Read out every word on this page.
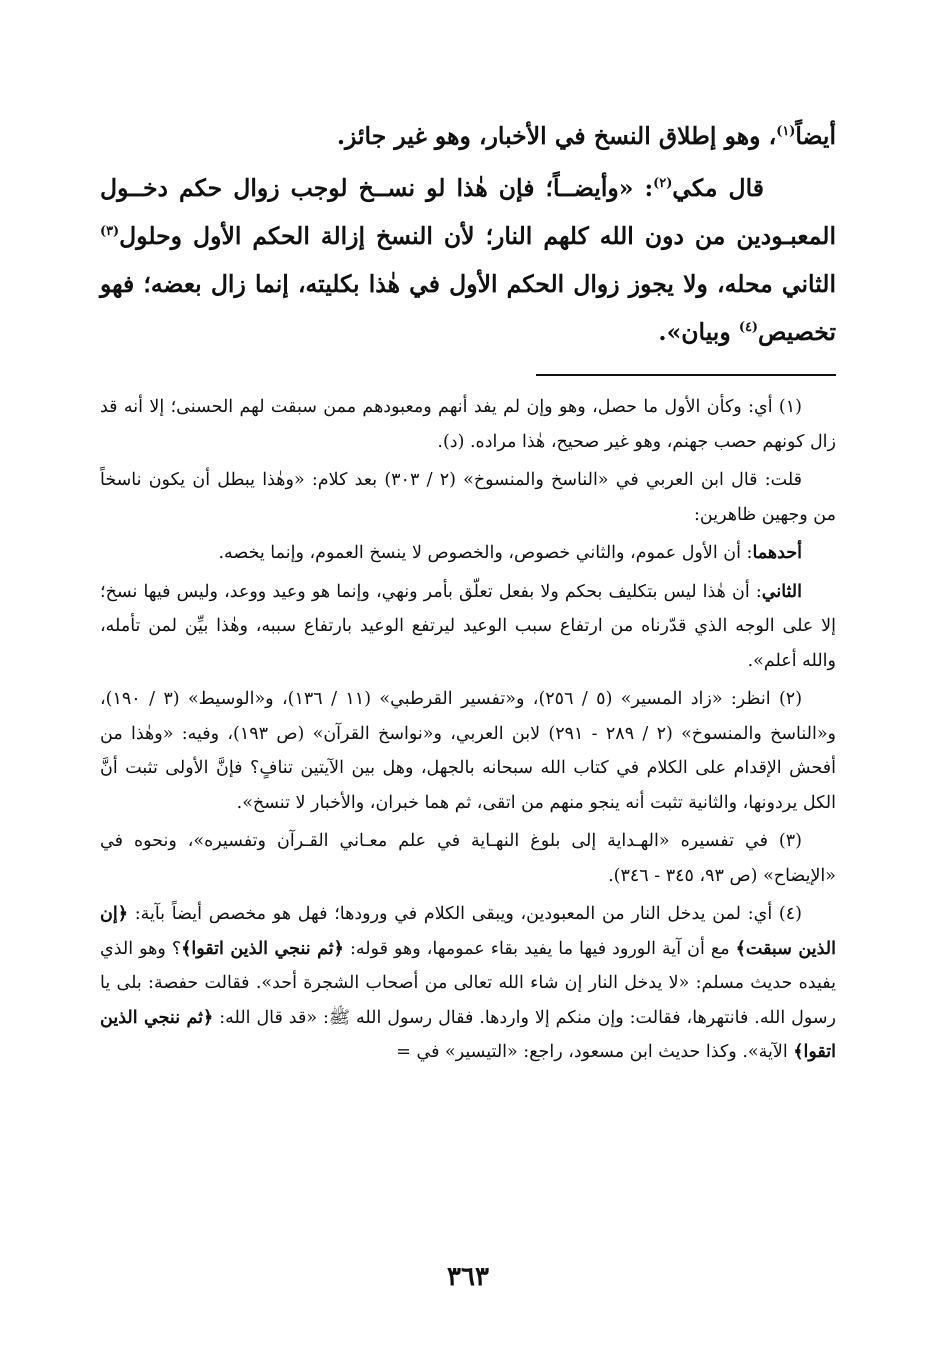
أيضاً$^{(١)}$، وهو إطلاق النسخ في الأخبار، وهو غير جائز.

قال مكي$^{(٢)}$: «وأيضــاً؛ فإن هٰذا لو نســخ لوجب زوال حكم دخــول المعبـودين من دون الله كلهم النار؛ لأن النسخ إزالة الحكم الأول وحلول$^{(٣)}$ الثاني محله، ولا يجوز زوال الحكم الأول في هٰذا بكليته، إنما زال بعضه؛ فهو تخصيص$^{(٤)}$ وبيان».

(١) أي: وكأن الأول ما حصل، وهو وإن لم يفد أنهم ومعبودهم ممن سبقت لهم الحسنى؛ إلا أنه قد زال كونهم حصب جهنم، وهو غير صحيح، هٰذا مراده. (د).

قلت: قال ابن العربي في «الناسخ والمنسوخ» (٢ / ٣٠٣) بعد كلام: «وهٰذا يبطل أن يكون ناسخاً من وجهين ظاهرين:

أحدهما: أن الأول عموم، والثاني خصوص، والخصوص لا ينسخ العموم، وإنما يخصه.

الثاني: أن هٰذا ليس بتكليف بحكم ولا بفعل تعلّق بأمر ونهي، وإنما هو وعيد ووعد، وليس فيها نسخ؛ إلا على الوجه الذي قدّرناه من ارتفاع سبب الوعيد ليرتفع الوعيد بارتفاع سببه، وهٰذا بيِّن لمن تأمله، والله أعلم».

(٢) انظر: «زاد المسير» (٥ / ٢٥٦)، و«تفسير القرطبي» (١١ / ١٣٦)، و«الوسيط» (٣ / ١٩٠)، و«الناسخ والمنسوخ» (٢ / ٢٨٩ - ٢٩١) لابن العربي، و«نواسخ القرآن» (ص ١٩٣)، وفيه: «وهٰذا من أفحش الإقدام على الكلام في كتاب الله سبحانه بالجهل، وهل بين الآيتين تنافٍ؟ فإنَّ الأولى تثبت أنَّ الكل يردونها، والثانية تثبت أنه ينجو منهم من اتقى، ثم هما خبران، والأخبار لا تنسخ».

(٣) في تفسيره «الهـداية إلى بلوغ النهـاية في علم معـاني القـرآن وتفسيره»، ونحوه في «الإيضاح» (ص ٩٣، ٣٤٥ - ٣٤٦).

(٤) أي: لمن يدخل النار من المعبودين، ويبقى الكلام في ورودها؛ فهل هو مخصص أيضاً بآية: ﴿إن الذين سبقت﴾ مع أن آية الورود فيها ما يفيد بقاء عمومها، وهو قوله: ﴿ثم ننجي الذين اتقوا﴾؟ وهو الذي يفيده حديث مسلم: «لا يدخل النار إن شاء الله تعالى من أصحاب الشجرة أحد». فقالت حفصة: بلى يا رسول الله. فانتهرها، فقالت: وإن منكم إلا واردها. فقال رسول الله ﷺ: «قد قال الله: ﴿ثم ننجي الذين اتقوا﴾ الآية». وكذا حديث ابن مسعود، راجع: «التيسير» في =

٣٦٣
